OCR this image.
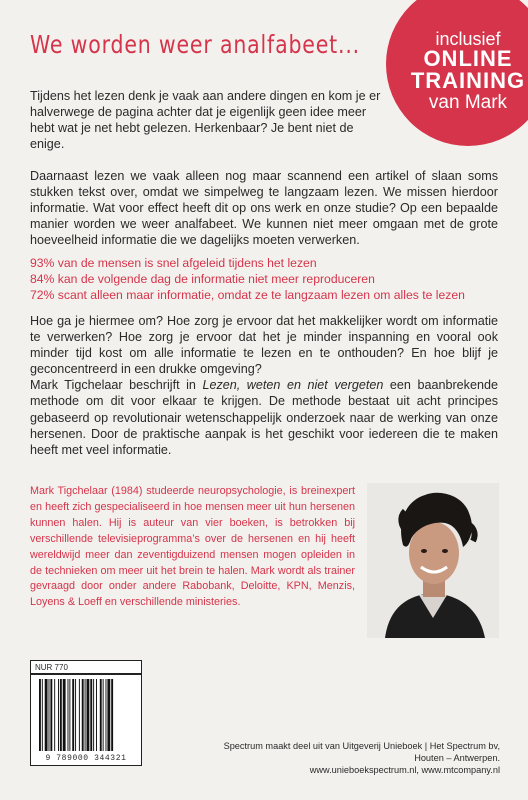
We worden weer analfabeet...	inclusief
ONLINE
TRAINING
van Mark

Tijdens het lezen denk je vaak aan andere dingen en kom je er halverwege de pagina achter dat je eigenlijk geen idee meer hebt wat je net hebt gelezen. Herkenbaar? Je bent niet de enige.

Daarnaast lezen we vaak alleen nog maar scannend een artikel of slaan soms stukken tekst over, omdat we simpelweg te langzaam lezen. We missen hierdoor informatie. Wat voor effect heeft dit op ons werk en onze studie? Op een bepaalde manier worden we weer analfabeet. We kunnen niet meer omgaan met de grote hoeveelheid informatie die we dagelijks moeten verwerken.

93% van de mensen is snel afgeleid tijdens het lezen
84% kan de volgende dag de informatie niet meer reproduceren
72% scant alleen maar informatie, omdat ze te langzaam lezen om alles te lezen

Hoe ga je hiermee om? Hoe zorg je ervoor dat het makkelijker wordt om informatie te verwerken? Hoe zorg je ervoor dat het je minder inspanning en vooral ook minder tijd kost om alle informatie te lezen en te onthouden? En hoe blijf je geconcentreerd in een drukke omgeving?
Mark Tigchelaar beschrijft in Lezen, weten en niet vergeten een baanbrekende methode om dit voor elkaar te krijgen. De methode bestaat uit acht principes gebaseerd op revolutionair wetenschappelijk onderzoek naar de werking van onze hersenen. Door de praktische aanpak is het geschikt voor iedereen die te maken heeft met veel informatie.

Mark Tigchelaar (1984) studeerde neuropsychologie, is breinexpert en heeft zich gespecialiseerd in hoe mensen meer uit hun hersenen kunnen halen. Hij is auteur van vier boeken, is betrokken bij verschillende televisieprogramma’s over de hersenen en hij heeft wereldwijd meer dan zeventigduizend mensen mogen opleiden in de technieken om meer uit het brein te halen. Mark wordt als trainer gevraagd door onder andere Rabobank, Deloitte, KPN, Menzis, Loyens & Loeff en verschillende ministeries.

NUR 770
9 789000 344321
Spectrum maakt deel uit van Uitgeverij Unieboek | Het Spectrum bv,
Houten – Antwerpen.
www.unieboekspectrum.nl, www.mtcompany.nl
